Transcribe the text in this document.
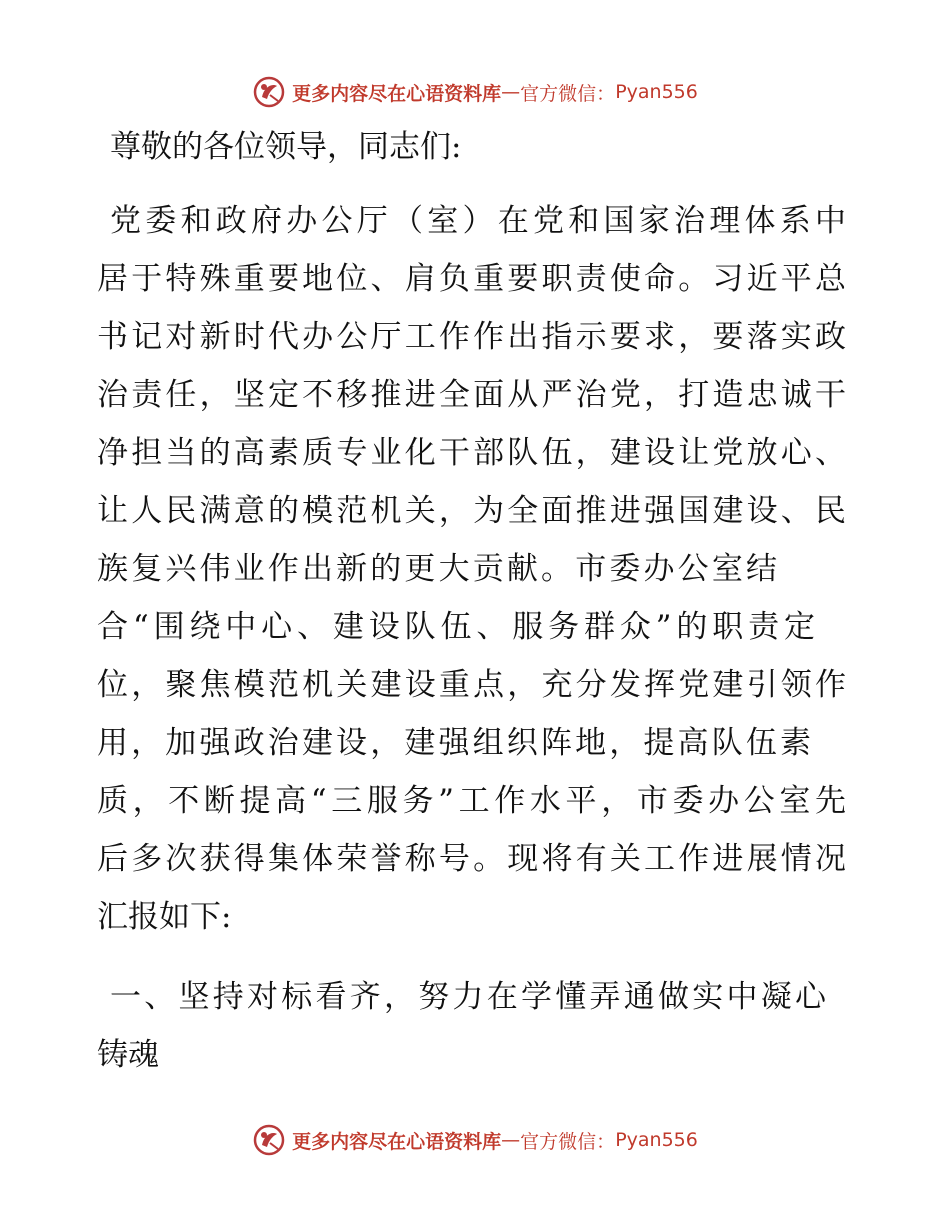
更多内容尽在心语资料库 — 官方微信： Pyan556
尊敬的各位领导，同志们:
党委和政府办公厅（室）在党和国家治理体系中
居于特殊重要地位、肩负重要职责使命。习近平总
书记对新时代办公厅工作作出指示要求，要落实政
治责任，坚定不移推进全面从严治党，打造忠诚干
净担当的高素质专业化干部队伍，建设让党放心、
让人民满意的模范机关，为全面推进强国建设、民
族复兴伟业作出新的更大贡献。市委办公室结
合“围绕中心、建设队伍、服务群众”的职责定
位，聚焦模范机关建设重点，充分发挥党建引领作
用，加强政治建设，建强组织阵地，提高队伍素
质，不断提高“三服务”工作水平，市委办公室先
后多次获得集体荣誉称号。现将有关工作进展情况
汇报如下:
一、坚持对标看齐，努力在学懂弄通做实中凝心
铸魂
更多内容尽在心语资料库 — 官方微信： Pyan556
